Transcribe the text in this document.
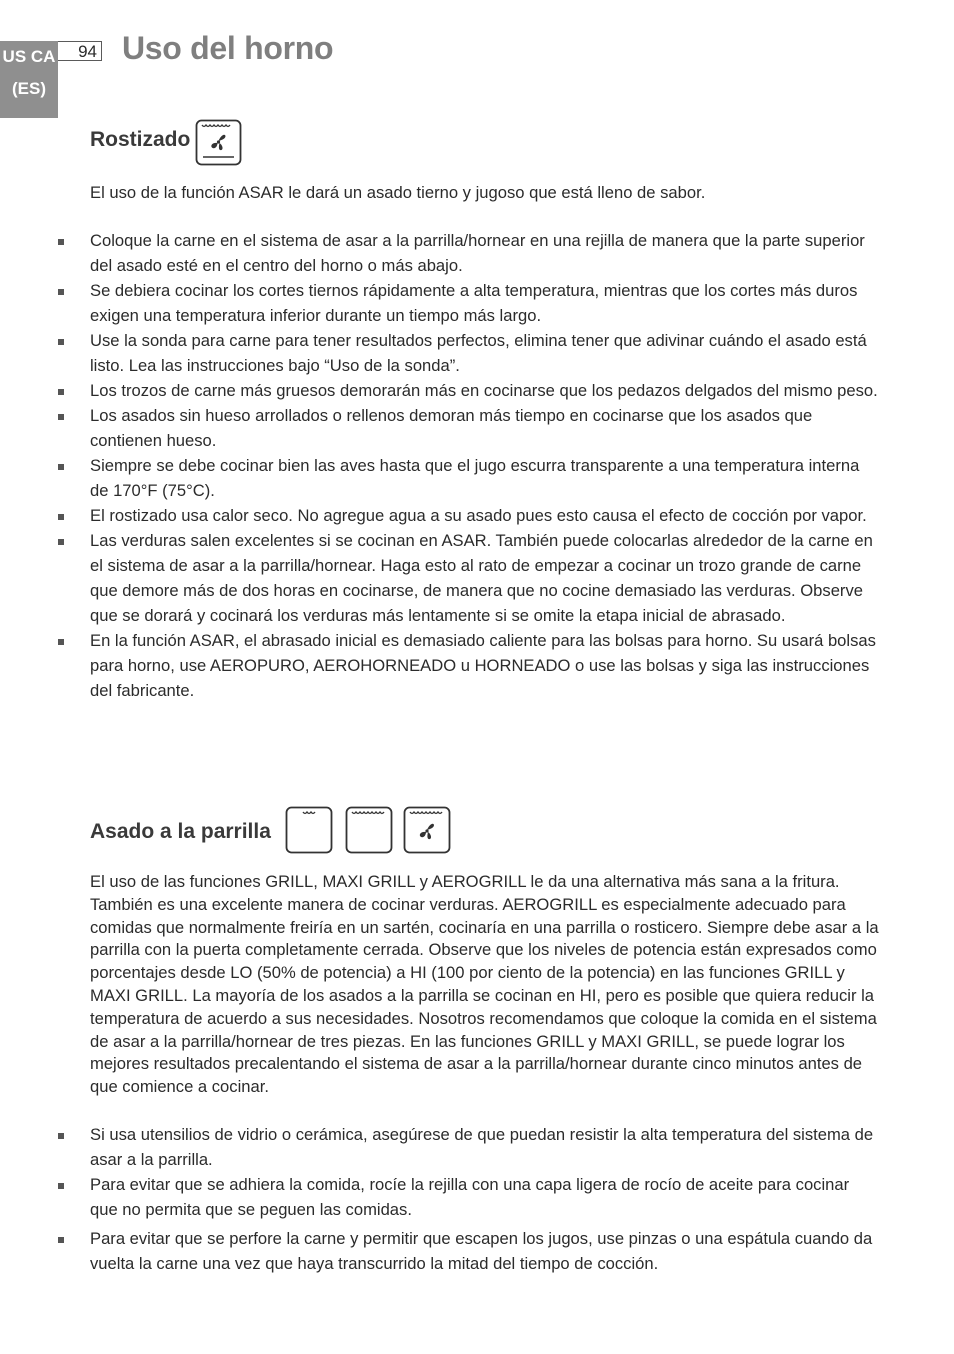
US CA
(ES)
94 Uso del horno
Rostizado

El uso de la función ASAR le dará un asado tierno y jugoso que está lleno de sabor.

Coloque la carne en el sistema de asar a la parrilla/hornear en una rejilla de manera que la parte superior del asado esté en el centro del horno o más abajo.
Se debiera cocinar los cortes tiernos rápidamente a alta temperatura, mientras que los cortes más duros exigen una temperatura inferior durante un tiempo más largo.
Use la sonda para carne para tener resultados perfectos, elimina tener que adivinar cuándo el asado está listo. Lea las instrucciones bajo “Uso de la sonda”.
Los trozos de carne más gruesos demorarán más en cocinarse que los pedazos delgados del mismo peso.
Los asados sin hueso arrollados o rellenos demoran más tiempo en cocinarse que los asados que contienen hueso.
Siempre se debe cocinar bien las aves hasta que el jugo escurra transparente a una temperatura interna de 170°F (75°C).
El rostizado usa calor seco. No agregue agua a su asado pues esto causa el efecto de cocción por vapor.
Las verduras salen excelentes si se cocinan en ASAR. También puede colocarlas alrededor de la carne en el sistema de asar a la parrilla/hornear. Haga esto al rato de empezar a cocinar un trozo grande de carne que demore más de dos horas en cocinarse, de manera que no cocine demasiado las verduras. Observe que se dorará y cocinará los verduras más lentamente si se omite la etapa inicial de abrasado.
En la función ASAR, el abrasado inicial es demasiado caliente para las bolsas para horno. Su usará bolsas para horno, use AEROPURO, AEROHORNEADO u HORNEADO o use las bolsas y siga las instrucciones del fabricante.
Asado a la parrilla

El uso de las funciones GRILL, MAXI GRILL y AEROGRILL le da una alternativa más sana a la fritura. También es una excelente manera de cocinar verduras. AEROGRILL es especialmente adecuado para comidas que normalmente freiría en un sartén, cocinaría en una parrilla o rosticero. Siempre debe asar a la parrilla con la puerta completamente cerrada. Observe que los niveles de potencia están expresados como porcentajes desde LO (50% de potencia) a HI (100 por ciento de la potencia) en las funciones GRILL y MAXI GRILL. La mayoría de los asados a la parrilla se cocinan en HI, pero es posible que quiera reducir la temperatura de acuerdo a sus necesidades. Nosotros recomendamos que coloque la comida en el sistema de asar a la parrilla/hornear de tres piezas. En las funciones GRILL y MAXI GRILL, se puede lograr los mejores resultados precalentando el sistema de asar a la parrilla/hornear durante cinco minutos antes de que comience a cocinar.

Si usa utensilios de vidrio o cerámica, asegúrese de que puedan resistir la alta temperatura del sistema de asar a la parrilla.
Para evitar que se adhiera la comida, rocíe la rejilla con una capa ligera de rocío de aceite para cocinar que no permita que se peguen las comidas.
Para evitar que se perfore la carne y permitir que escapen los jugos, use pinzas o una espátula cuando da vuelta la carne una vez que haya transcurrido la mitad del tiempo de cocción.
